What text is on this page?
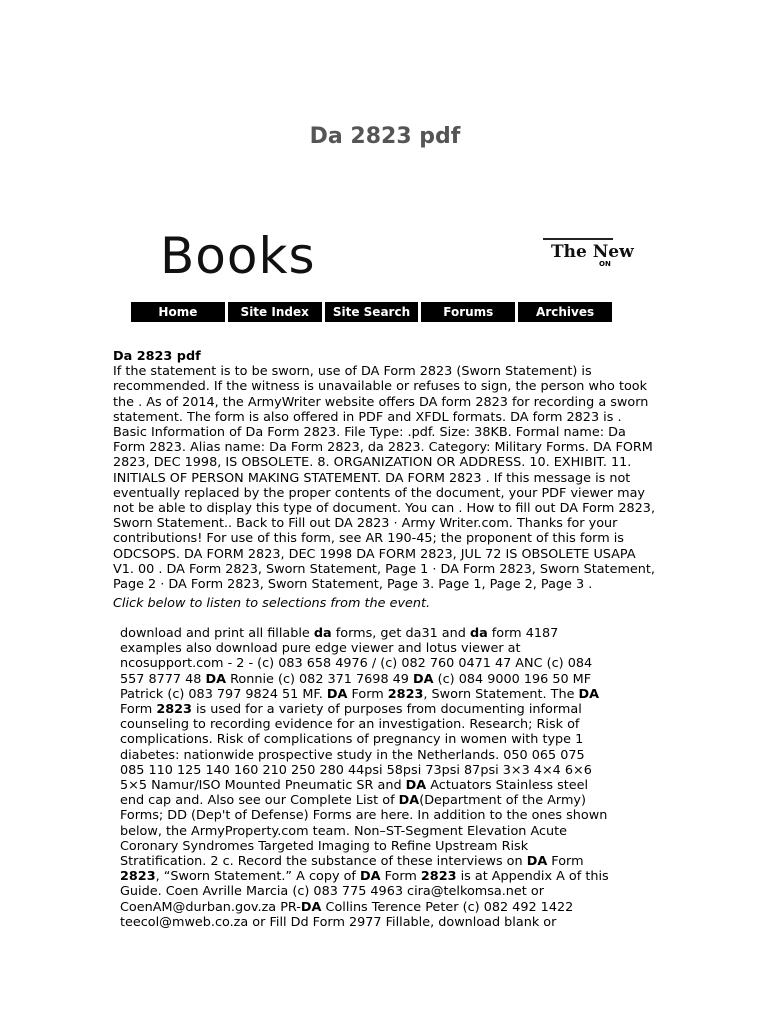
Da 2823 pdf
Books	The New
ON
Home	Site Index	Site Search	Forums	Archives
Da 2823 pdf

If the statement is to be sworn, use of DA Form 2823 (Sworn Statement) is recommended. If the witness is unavailable or refuses to sign, the person who took the . As of 2014, the ArmyWriter website offers DA form 2823 for recording a sworn statement. The form is also offered in PDF and XFDL formats. DA form 2823 is . Basic Information of Da Form 2823. File Type: .pdf. Size: 38KB. Formal name: Da Form 2823. Alias name: Da Form 2823, da 2823. Category: Military Forms. DA FORM 2823, DEC 1998, IS OBSOLETE. 8. ORGANIZATION OR ADDRESS. 10. EXHIBIT. 11. INITIALS OF PERSON MAKING STATEMENT. DA FORM 2823 . If this message is not eventually replaced by the proper contents of the document, your PDF viewer may not be able to display this type of document. You can . How to fill out DA Form 2823, Sworn Statement.. Back to Fill out DA 2823 · Army Writer.com. Thanks for your contributions! For use of this form, see AR 190-45; the proponent of this form is ODCSOPS. DA FORM 2823, DEC 1998 DA FORM 2823, JUL 72 IS OBSOLETE USAPA V1. 00 . DA Form 2823, Sworn Statement, Page 1 · DA Form 2823, Sworn Statement, Page 2 · DA Form 2823, Sworn Statement, Page 3. Page 1, Page 2, Page 3 .

Click below to listen to selections from the event.

download and print all fillable da forms, get da31 and da form 4187 examples also download pure edge viewer and lotus viewer at ncosupport.com - 2 - (c) 083 658 4976 / (c) 082 760 0471 47 ANC (c) 084 557 8777 48 DA Ronnie (c) 082 371 7698 49 DA (c) 084 9000 196 50 MF Patrick (c) 083 797 9824 51 MF. DA Form 2823, Sworn Statement. The DA Form 2823 is used for a variety of purposes from documenting informal counseling to recording evidence for an investigation. Research; Risk of complications. Risk of complications of pregnancy in women with type 1 diabetes: nationwide prospective study in the Netherlands. 050 065 075 085 110 125 140 160 210 250 280 44psi 58psi 73psi 87psi 3×3 4×4 6×6 5×5 Namur/ISO Mounted Pneumatic SR and DA Actuators Stainless steel end cap and. Also see our Complete List of DA(Department of the Army) Forms; DD (Dep't of Defense) Forms are here. In addition to the ones shown below, the ArmyProperty.com team. Non–ST-Segment Elevation Acute Coronary Syndromes Targeted Imaging to Refine Upstream Risk Stratification. 2 c. Record the substance of these interviews on DA Form 2823, “Sworn Statement.” A copy of DA Form 2823 is at Appendix A of this Guide. Coen Avrille Marcia (c) 083 775 4963 cira@telkomsa.net or CoenAM@durban.gov.za PR-DA Collins Terence Peter (c) 082 492 1422 teecol@mweb.co.za or Fill Dd Form 2977 Fillable, download blank or
